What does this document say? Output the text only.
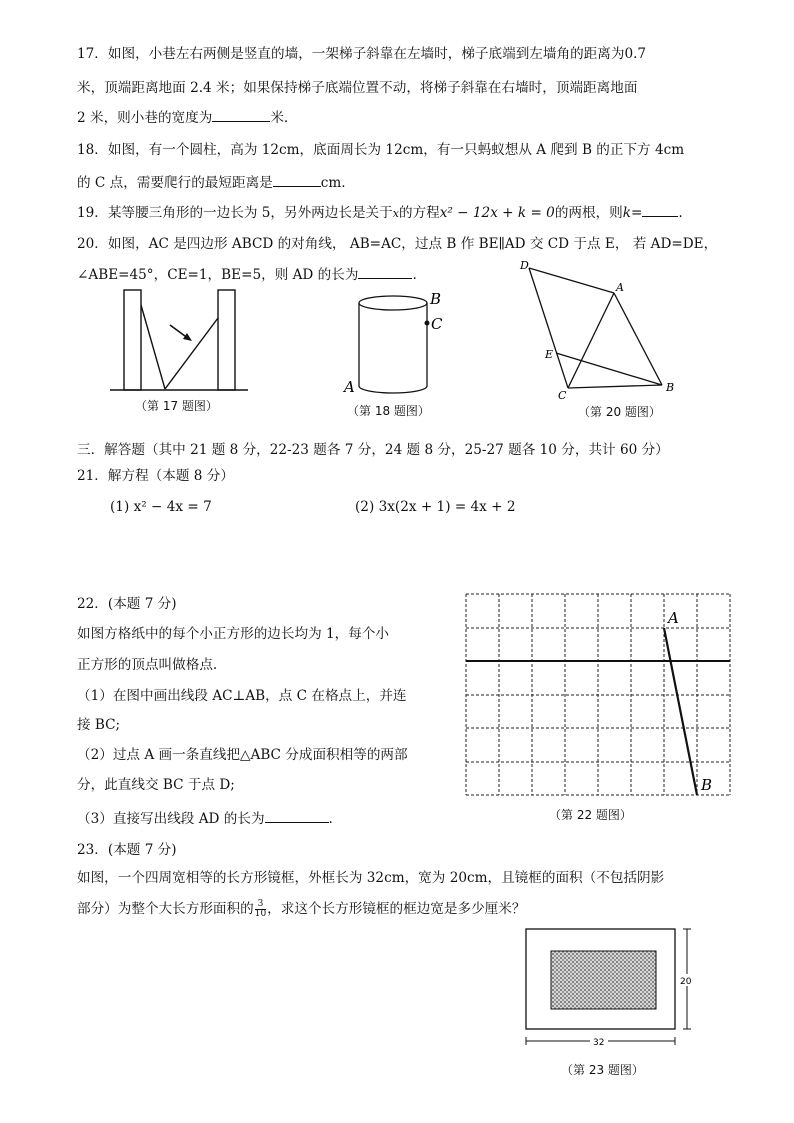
17．如图，小巷左右两侧是竖直的墙，一架梯子斜靠在左墙时，梯子底端到左墙角的距离为0.7
米，顶端距离地面 2.4 米；如果保持梯子底端位置不动，将梯子斜靠在右墙时，顶端距离地面
2 米，则小巷的宽度为	米.
18．如图，有一个圆柱，高为 12cm，底面周长为 12cm，有一只蚂蚁想从 A 爬到 B 的正下方 4cm
的 C 点，需要爬行的最短距离是	cm.
19．某等腰三角形的一边长为 5，另外两边长是关于x的方程x² − 12x + k = 0的两根，则k=	.
20．如图，AC 是四边形 ABCD 的对角线， AB=AC，过点 B 作 BE∥AD 交 CD 于点 E， 若 AD=DE，
∠ABE=45°，CE=1，BE=5，则 AD 的长为	.
（第 17 题图）
B
C
A
（第 18 题图）
D
A
E
C
B
（第 20 题图）
三．解答题（其中 21 题 8 分，22-23 题各 7 分，24 题 8 分，25-27 题各 10 分，共计 60 分）
21．解方程（本题 8 分）
(1) x² − 4x = 7	(2) 3x(2x + 1) = 4x + 2
22．(本题 7 分)
如图方格纸中的每个小正方形的边长均为 1，每个小
正方形的顶点叫做格点.
（1）在图中画出线段 AC⊥AB，点 C 在格点上，并连
接 BC;
（2）过点 A 画一条直线把△ABC 分成面积相等的两部
分，此直线交 BC 于点 D;
（3）直接写出线段 AD 的长为	.
A
B
（第 22 题图）
23．(本题 7 分)
如图，一个四周宽相等的长方形镜框，外框长为 32cm，宽为 20cm，且镜框的面积（不包括阴影
部分）为整个大长方形面积的 $\frac{3}{10}$ ，求这个长方形镜框的框边宽是多少厘米？
20
32
（第 23 题图）
